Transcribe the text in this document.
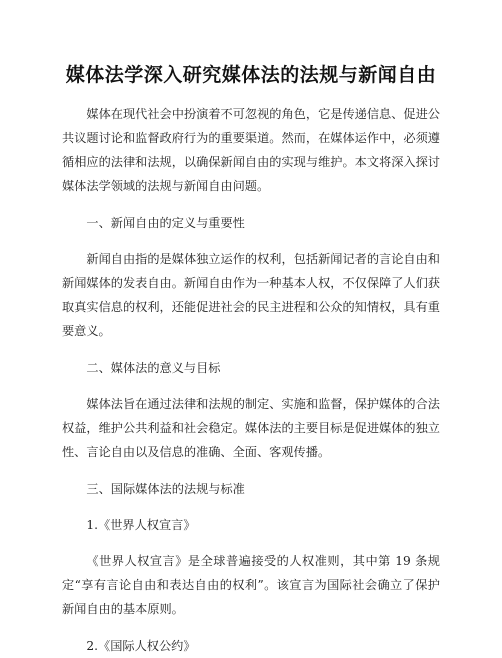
媒体法学深入研究媒体法的法规与新闻自由

媒体在现代社会中扮演着不可忽视的角色，它是传递信息、促进公共议题讨论和监督政府行为的重要渠道。然而，在媒体运作中，必须遵循相应的法律和法规，以确保新闻自由的实现与维护。本文将深入探讨媒体法学领域的法规与新闻自由问题。

一、新闻自由的定义与重要性

新闻自由指的是媒体独立运作的权利，包括新闻记者的言论自由和新闻媒体的发表自由。新闻自由作为一种基本人权，不仅保障了人们获取真实信息的权利，还能促进社会的民主进程和公众的知情权，具有重要意义。

二、媒体法的意义与目标

媒体法旨在通过法律和法规的制定、实施和监督，保护媒体的合法权益，维护公共利益和社会稳定。媒体法的主要目标是促进媒体的独立性、言论自由以及信息的准确、全面、客观传播。

三、国际媒体法的法规与标准

1.《世界人权宣言》

《世界人权宣言》是全球普遍接受的人权准则，其中第 19 条规定“享有言论自由和表达自由的权利”。该宣言为国际社会确立了保护新闻自由的基本原则。

2.《国际人权公约》
